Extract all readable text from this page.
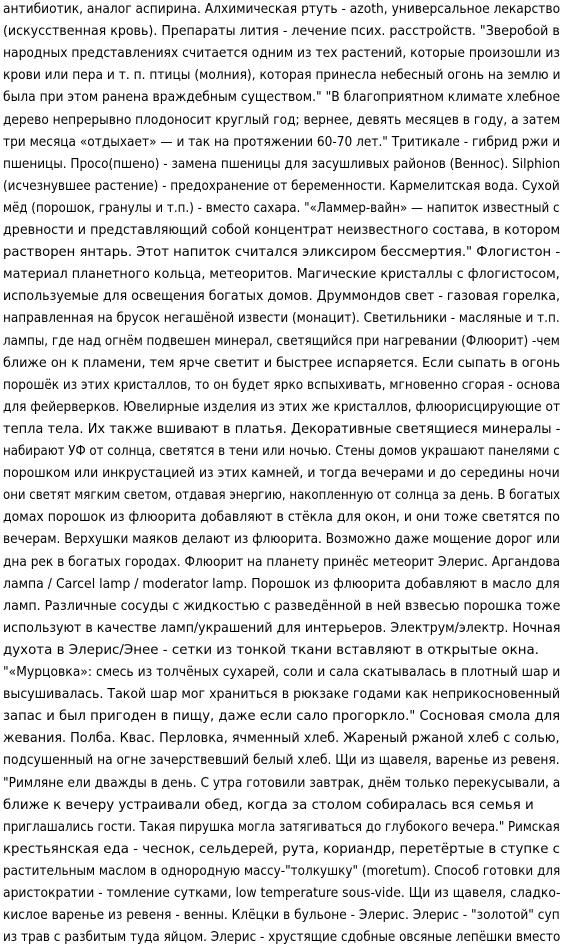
антибиотик, аналог аспирина. Алхимическая ртуть - azoth, универсальное лекарство
(искусственная кровь). Препараты лития - лечение псих. расстройств. "Зверобой в
народных представлениях считается одним из тех растений, которые произошли из
крови или пера и т. п. птицы (молния), которая принесла небесный огонь на землю и
была при этом ранена враждебным существом." "В благоприятном климате хлебное
дерево непрерывно плодоносит круглый год; вернее, девять месяцев в году, а затем
три месяца «отдыхает» — и так на протяжении 60-70 лет." Тритикале - гибрид ржи и
пшеницы. Просо(пшено) - замена пшеницы для засушливых районов (Веннос). Silphion
(исчезнувшее растение) - предохранение от беременности. Кармелитская вода. Сухой
мёд (порошок, гранулы и т.п.) - вместо сахара. "«Ламмер-вайн» — напиток известный с
древности и представляющий собой концентрат неизвестного состава, в котором
растворен янтарь. Этот напиток считался эликсиром бессмертия." Флогистон -
материал планетного кольца, метеоритов. Магические кристаллы с флогистосом,
используемые для освещения богатых домов. Друммондов свет - газовая горелка,
направленная на брусок негашёной извести (монацит). Светильники - масляные и т.п.
лампы, где над огнём подвешен минерал, светящийся при нагревании (Флюорит) -чем
ближе он к пламени, тем ярче светит и быстрее испаряется. Если сыпать в огонь
порошёк из этих кристаллов, то он будет ярко вспыхивать, мгновенно сгорая - основа
для фейерверков. Ювелирные изделия из этих же кристаллов, флюорисцирующие от
тепла тела. Их также вшивают в платья. Декоративные светящиеся минералы -
набирают УФ от солнца, светятся в тени или ночью. Стены домов украшают панелями с
порошком или инкрустацией из этих камней, и тогда вечерами и до середины ночи
они светят мягким светом, отдавая энергию, накопленную от солнца за день. В богатых
домах порошок из флюорита добавляют в стёкла для окон, и они тоже светятся по
вечерам. Верхушки маяков делают из флюорита. Возможно даже мощение дорог или
дна рек в богатых городах. Флюорит на планету принёс метеорит Элерис. Аргандова
лампа / Carcel lamp / moderator lamp. Порошок из флюорита добавляют в масло для
ламп. Различные сосуды с жидкостью с разведённой в ней взвесью порошка тоже
используют в качестве ламп/украшений для интерьеров. Электрум/электр. Ночная
духота в Элерис/Энее - сетки из тонкой ткани вставляют в открытые окна.
"«Мурцовка»: смесь из толчёных сухарей, соли и сала скатывалась в плотный шар и
высушивалась. Такой шар мог храниться в рюкзаке годами как неприкосновенный
запас и был пригоден в пищу, даже если сало прогоркло." Сосновая смола для
жевания. Полба. Квас. Перловка, ячменный хлеб. Жареный ржаной хлеб с солью,
подсушенный на огне зачерствевший белый хлеб. Щи из щавеля, варенье из ревеня.
"Римляне ели дважды в день. С утра готовили завтрак, днём только перекусывали, а
ближе к вечеру устраивали обед, когда за столом собиралась вся семья и
приглашались гости. Такая пирушка могла затягиваться до глубокого вечера." Римская
крестьянская еда - чеснок, сельдерей, рута, кориандр, перетёртые в ступке с
растительным маслом в однородную массу-"толкушку" (moretum). Способ готовки для
аристократии - томление сутками, low temperature sous-vide. Щи из щавеля, сладко-
кислое варенье из ревеня - венны. Клёцки в бульоне - Элерис. Элерис - "золотой" суп
из трав с разбитым туда яйцом. Элерис - хрустящие сдобные овсяные лепёшки вместо
